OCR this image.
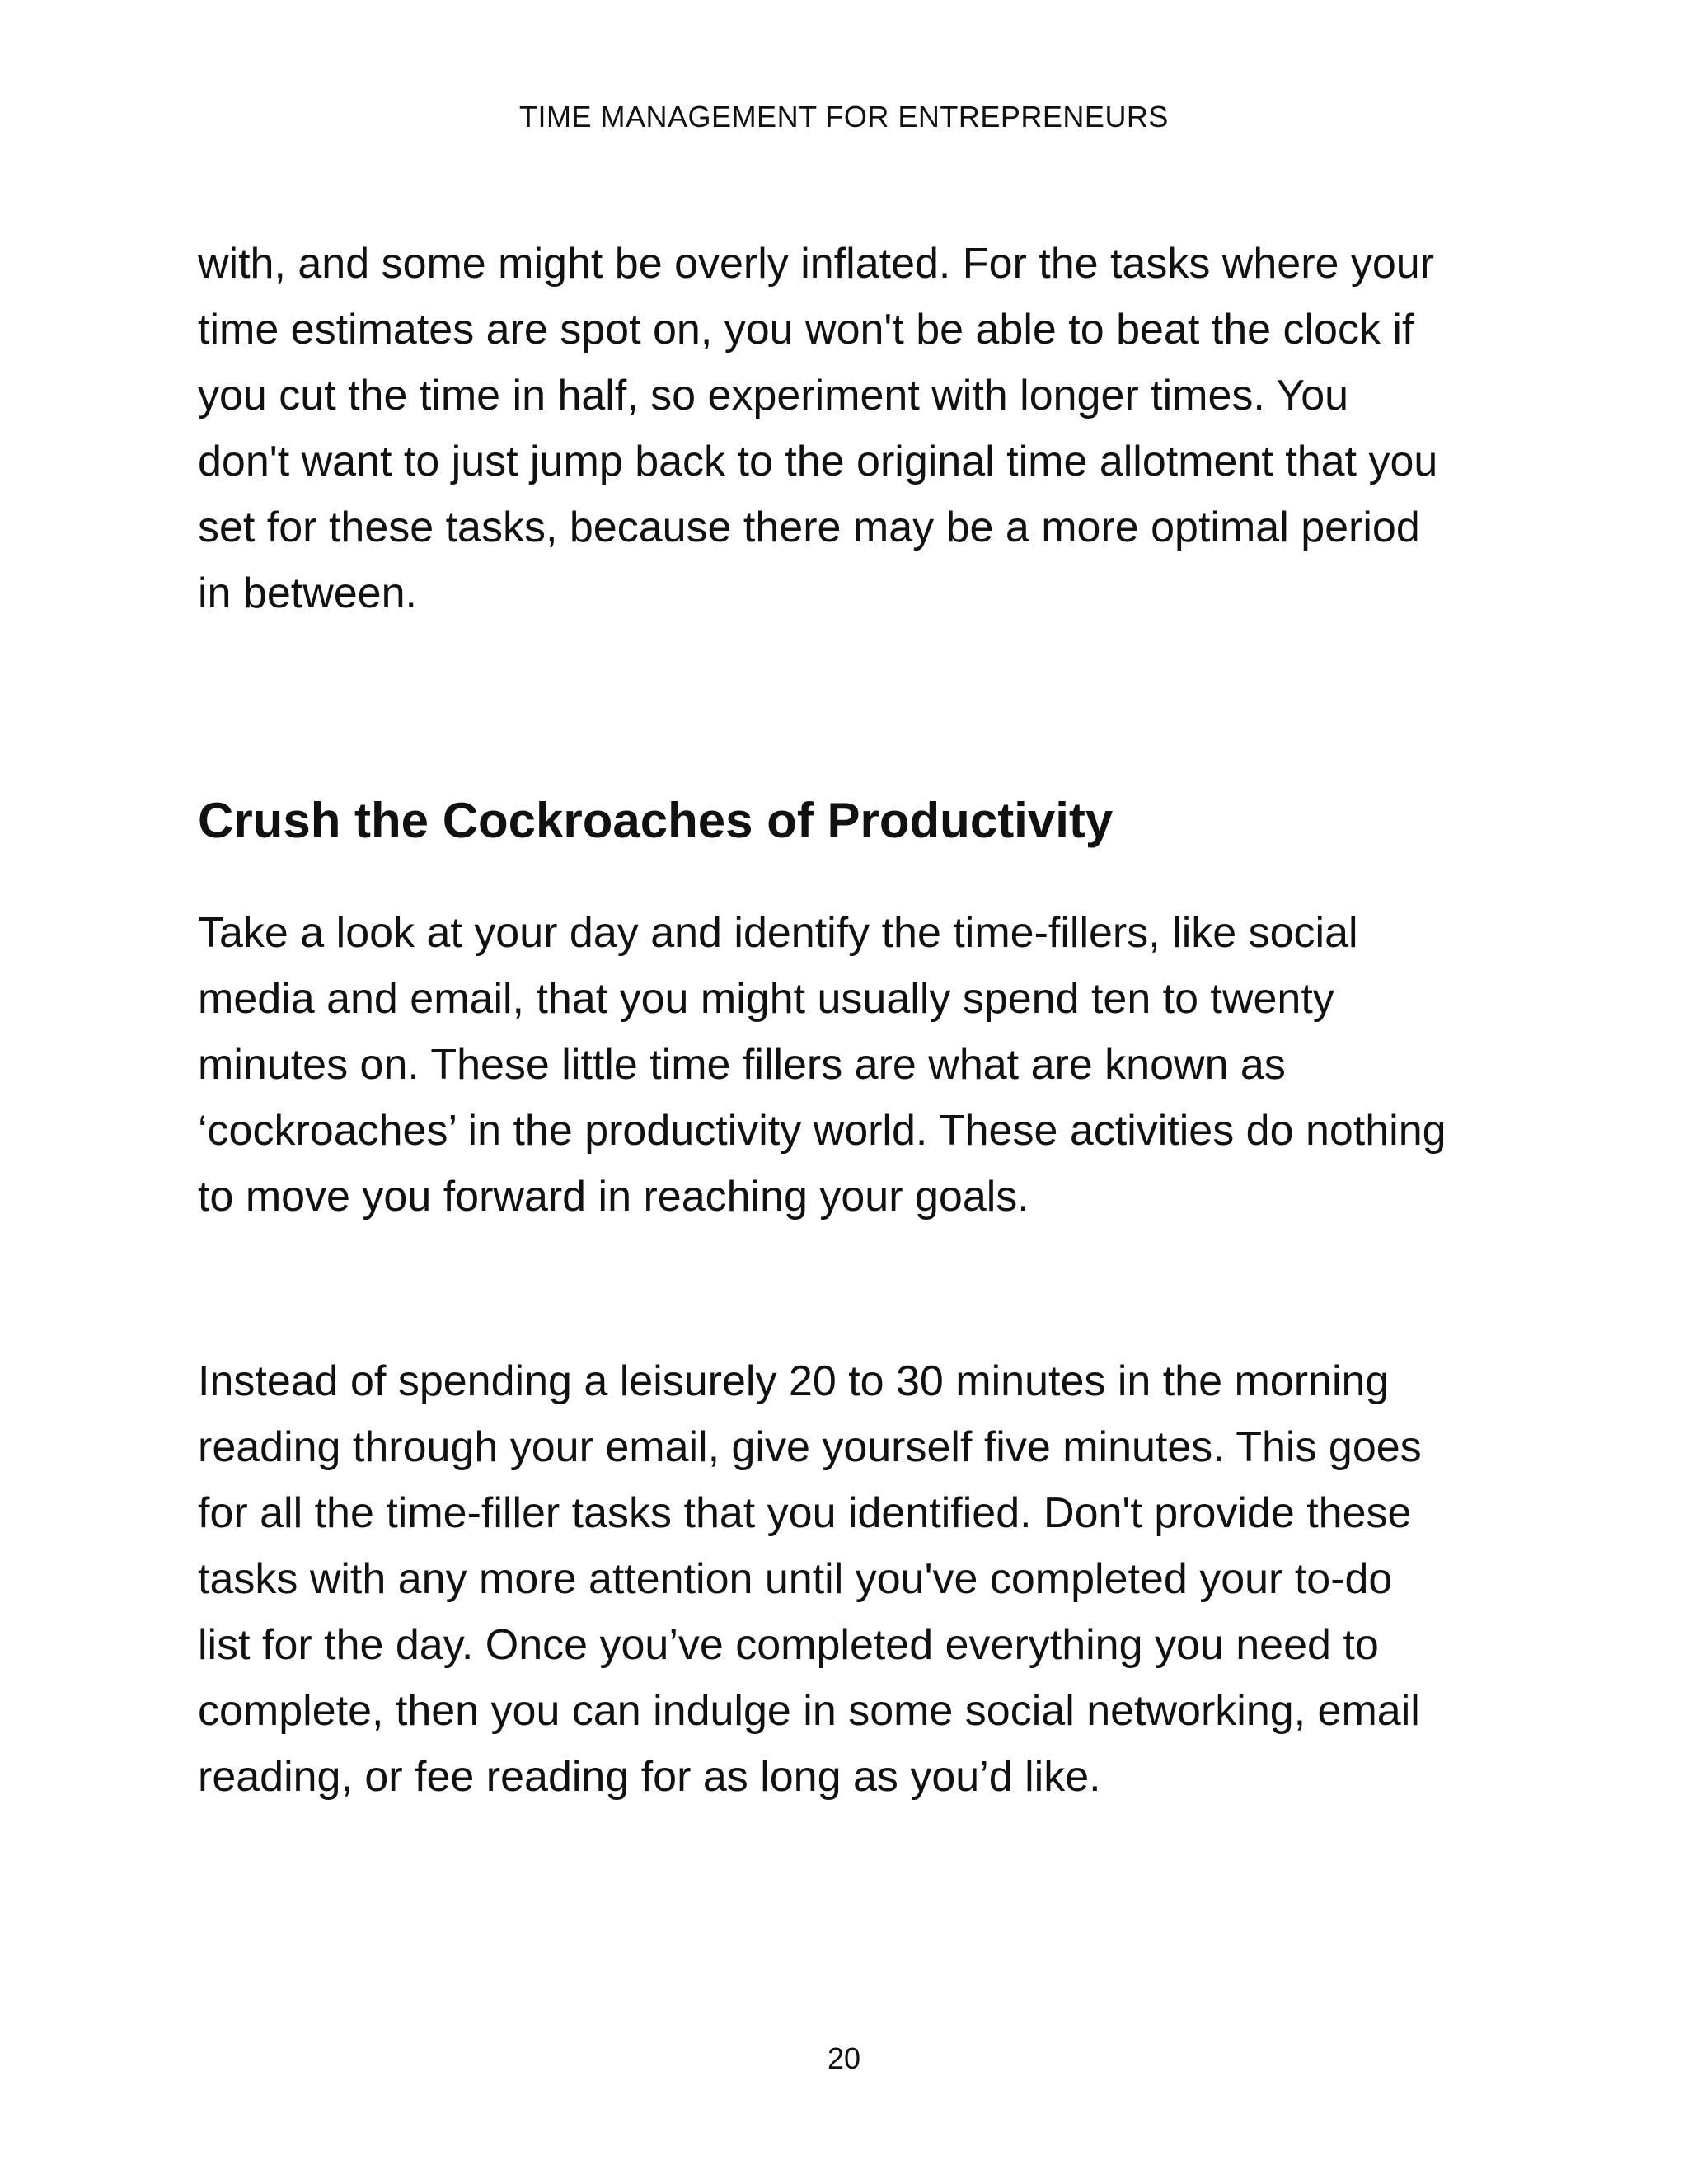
TIME MANAGEMENT FOR ENTREPRENEURS

with, and some might be overly inflated. For the tasks where your
time estimates are spot on, you won't be able to beat the clock if
you cut the time in half, so experiment with longer times. You
don't want to just jump back to the original time allotment that you
set for these tasks, because there may be a more optimal period
in between.

Crush the Cockroaches of Productivity

Take a look at your day and identify the time-fillers, like social
media and email, that you might usually spend ten to twenty
minutes on. These little time fillers are what are known as
‘cockroaches’ in the productivity world. These activities do nothing
to move you forward in reaching your goals.

Instead of spending a leisurely 20 to 30 minutes in the morning
reading through your email, give yourself five minutes. This goes
for all the time-filler tasks that you identified. Don't provide these
tasks with any more attention until you've completed your to-do
list for the day. Once you’ve completed everything you need to
complete, then you can indulge in some social networking, email
reading, or fee reading for as long as you’d like.

20
